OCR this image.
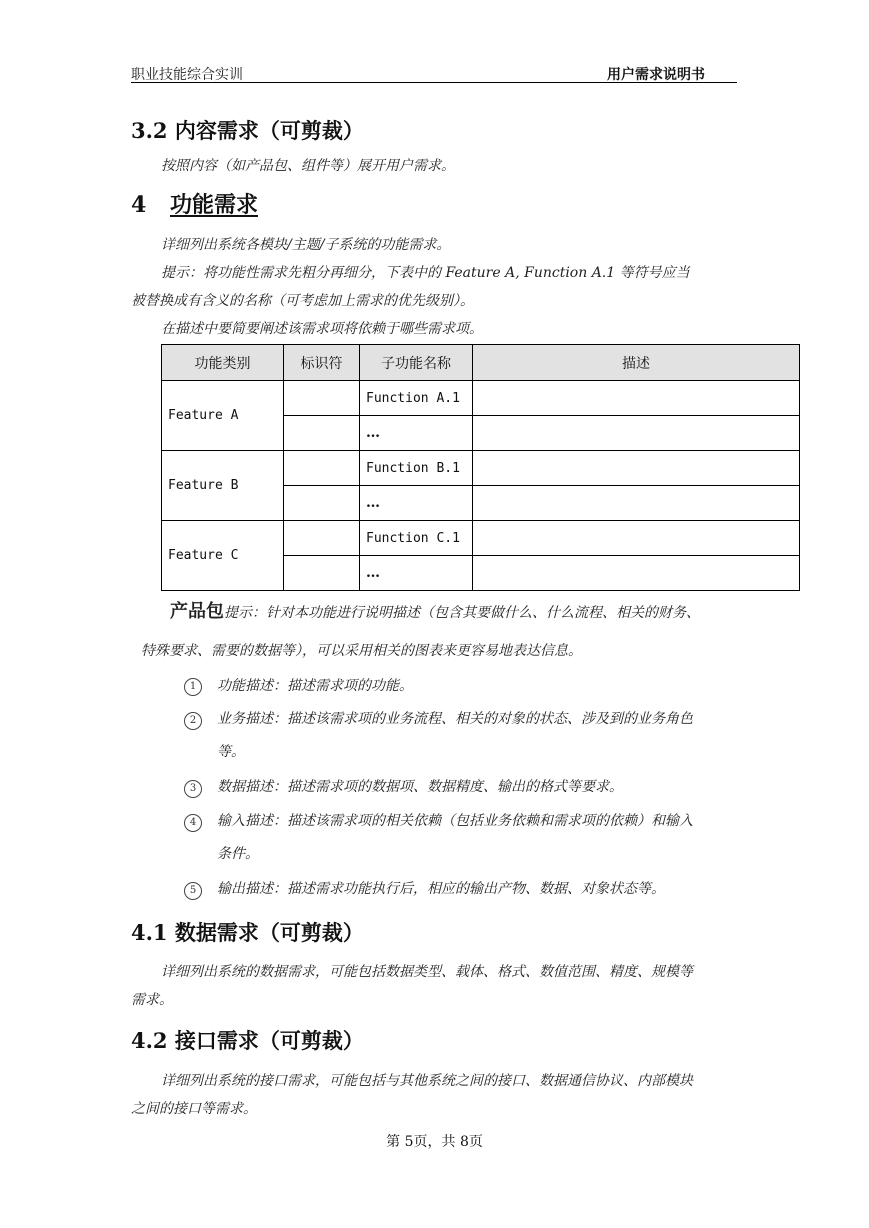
职业技能综合实训	用户需求说明书
3.2 内容需求（可剪裁）
按照内容（如产品包、组件等）展开用户需求。
4 功能需求
详细列出系统各模块/主题/子系统的功能需求。
提示：将功能性需求先粗分再细分，下表中的 Feature A, Function A.1 等符号应当
被替换成有含义的名称（可考虑加上需求的优先级别）。
在描述中要简要阐述该需求项将依赖于哪些需求项。
功能类别	标识符	子功能名称	描述
Feature A		Function A.1	
		…	
Feature B		Function B.1	
		…	
Feature C		Function C.1	
		…	
产品包提示：针对本功能进行说明描述（包含其要做什么、什么流程、相关的财务、
特殊要求、需要的数据等），可以采用相关的图表来更容易地表达信息。
1	功能描述：描述需求项的功能。
2	业务描述：描述该需求项的业务流程、相关的对象的状态、涉及到的业务角色
等。
3	数据描述：描述需求项的数据项、数据精度、输出的格式等要求。
4	输入描述：描述该需求项的相关依赖（包括业务依赖和需求项的依赖）和输入
条件。
5	输出描述：描述需求功能执行后，相应的输出产物、数据、对象状态等。
4.1 数据需求（可剪裁）
详细列出系统的数据需求，可能包括数据类型、载体、格式、数值范围、精度、规模等
需求。
4.2 接口需求（可剪裁）
详细列出系统的接口需求，可能包括与其他系统之间的接口、数据通信协议、内部模块
之间的接口等需求。
第 5页，共 8页
